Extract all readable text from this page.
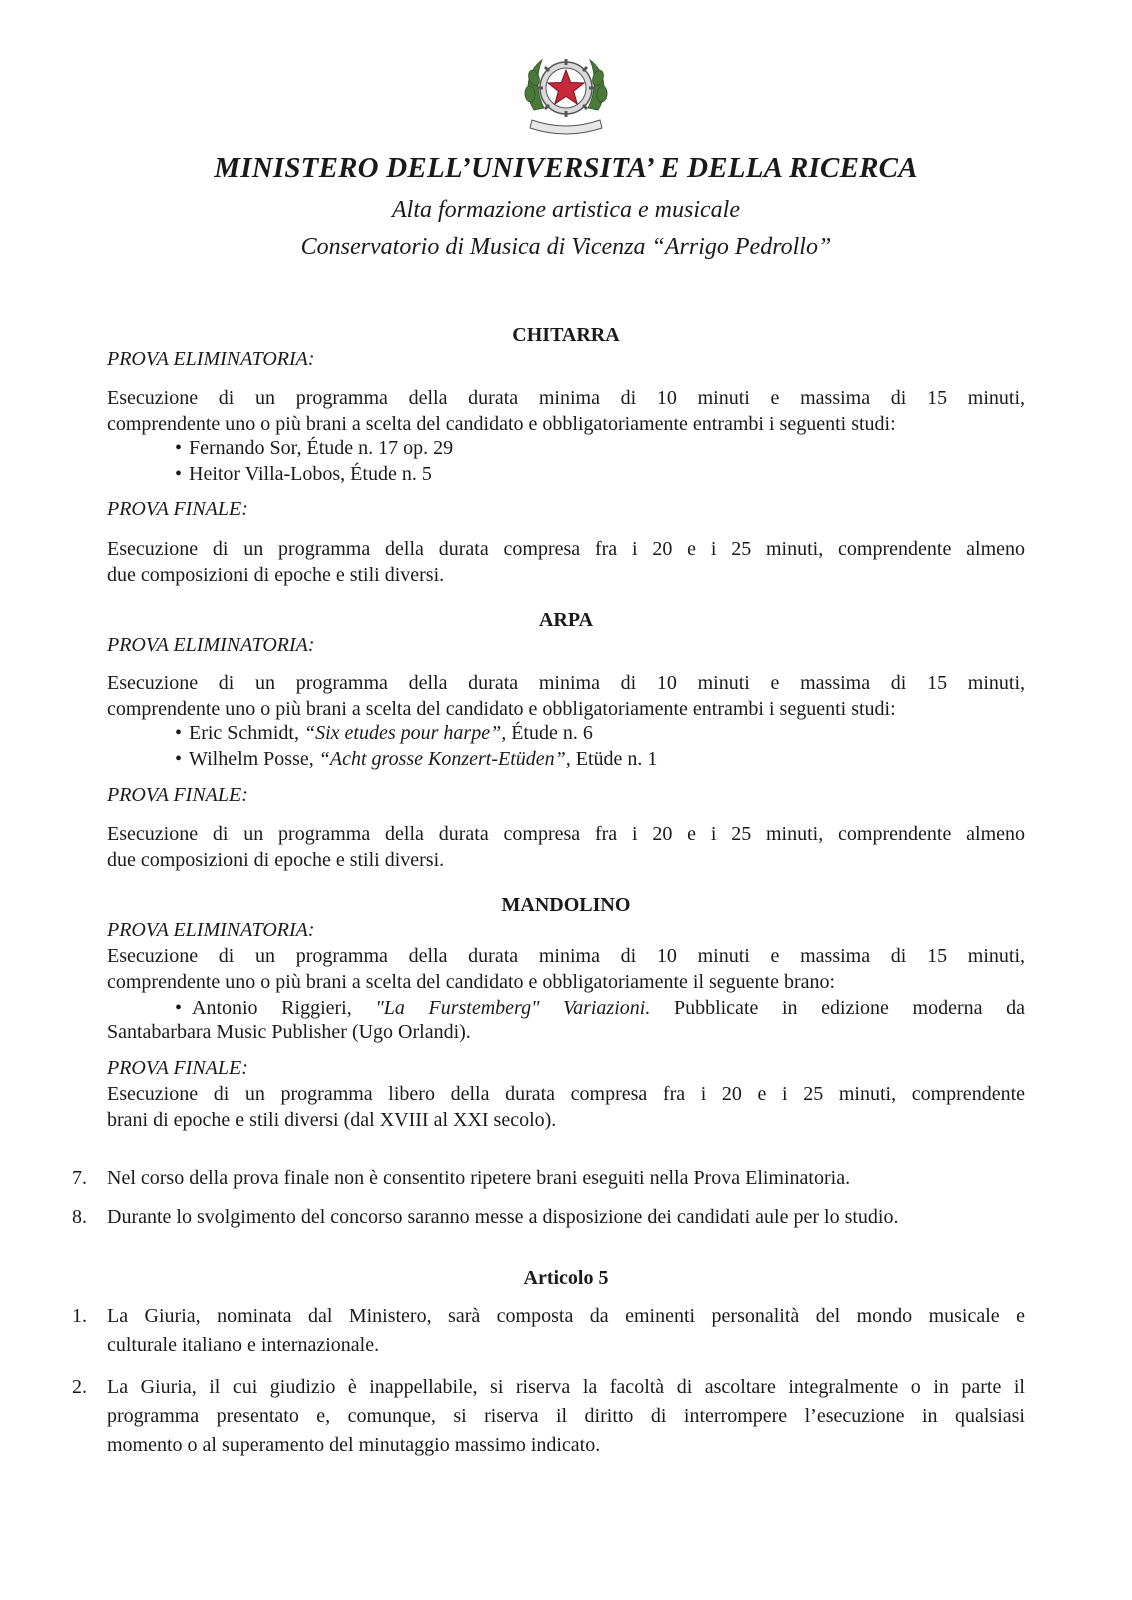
MINISTERO DELL’UNIVERSITA’ E DELLA RICERCA
Alta formazione artistica e musicale
Conservatorio di Musica di Vicenza “Arrigo Pedrollo”
CHITARRA
PROVA ELIMINATORIA:
Esecuzione di un programma della durata minima di 10 minuti e massima di 15 minuti,
comprendente uno o più brani a scelta del candidato e obbligatoriamente entrambi i seguenti studi:
• Fernando Sor, Étude n. 17 op. 29
• Heitor Villa-Lobos, Étude n. 5
PROVA FINALE:
Esecuzione di un programma della durata compresa fra i 20 e i 25 minuti, comprendente almeno
due composizioni di epoche e stili diversi.
ARPA
PROVA ELIMINATORIA:
Esecuzione di un programma della durata minima di 10 minuti e massima di 15 minuti,
comprendente uno o più brani a scelta del candidato e obbligatoriamente entrambi i seguenti studi:
• Eric Schmidt, “Six etudes pour harpe”, Étude n. 6
• Wilhelm Posse, “Acht grosse Konzert-Etüden”, Etüde n. 1
PROVA FINALE:
Esecuzione di un programma della durata compresa fra i 20 e i 25 minuti, comprendente almeno
due composizioni di epoche e stili diversi.
MANDOLINO
PROVA ELIMINATORIA:
Esecuzione di un programma della durata minima di 10 minuti e massima di 15 minuti,
comprendente uno o più brani a scelta del candidato e obbligatoriamente il seguente brano:
• Antonio Riggieri, "La Furstemberg" Variazioni. Pubblicate in edizione moderna da
Santabarbara Music Publisher (Ugo Orlandi).
PROVA FINALE:
Esecuzione di un programma libero della durata compresa fra i 20 e i 25 minuti, comprendente
brani di epoche e stili diversi (dal XVIII al XXI secolo).
7. Nel corso della prova finale non è consentito ripetere brani eseguiti nella Prova Eliminatoria.
8. Durante lo svolgimento del concorso saranno messe a disposizione dei candidati aule per lo studio.
Articolo 5
1. La Giuria, nominata dal Ministero, sarà composta da eminenti personalità del mondo musicale e
culturale italiano e internazionale.
2. La Giuria, il cui giudizio è inappellabile, si riserva la facoltà di ascoltare integralmente o in parte il
programma presentato e, comunque, si riserva il diritto di interrompere l’esecuzione in qualsiasi
momento o al superamento del minutaggio massimo indicato.
